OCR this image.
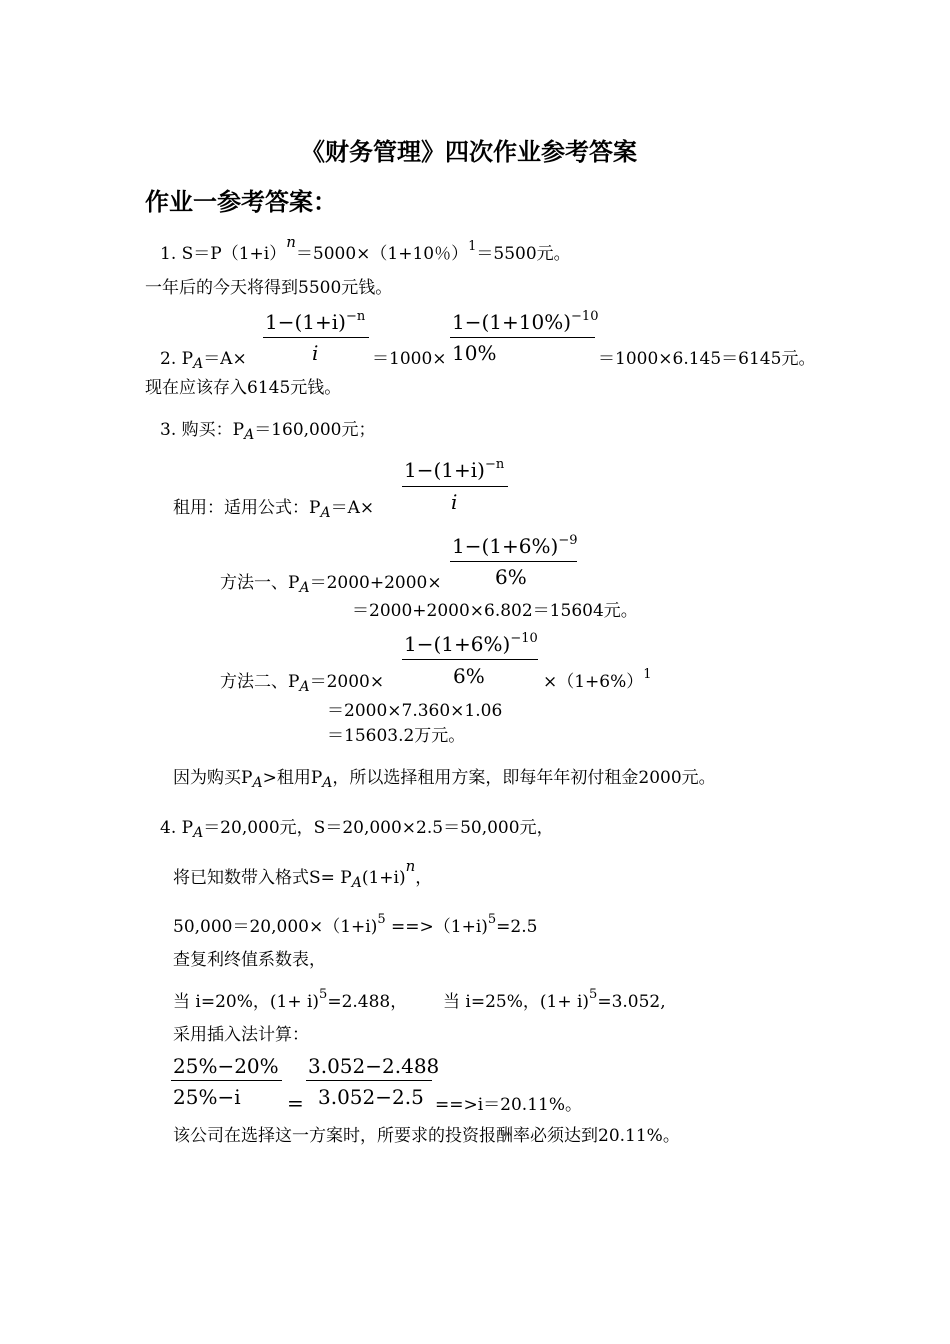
《财务管理》四次作业参考答案
作业一参考答案：
1. S＝P（1+i）n＝5000×（1+10％）$^1$＝5500元。
一年后的今天将得到5500元钱。
$1-(1+i)^{-n}$
i
$1-(1+10\%)^{-10}$
10%
2. $P_A=A\times$	＝1000×	＝1000×6.145＝6145元。
现在应该存入6145元钱。
3. 购买：$P_A=160,000$元；
$1-(1+i)^{-n}$
i
租用：适用公式：$P_A=A\times$
$1-(1+6\%)^{-9}$
6%
方法一、$P_A=2000+2000\times$
＝2000+2000×6.802＝15604元。
$1-(1+6\%)^{-10}$
6%
方法二、$P_A=2000\times$	$\times(1+6\%)^1$
＝2000×7.360×1.06
＝15603.2万元。
因为购买$P_A>$租用$P_A$，所以选择租用方案，即每年年初付租金2000元。
4. $P_A=20,000$元，S＝20,000×2.5＝50,000元，
将已知数带入格式$S= P_A(1+i)n$，
50,000＝20,000×（1+i)$^5$ ==>（1+i)$^5$=2.5
查复利终值系数表，
当 i=20%，$(1+ i)^5=2.488$， 当 i=25%，$(1+ i)^5=3.052$,
采用插入法计算：
25%−20%
25%−i =
3.052−2.488
3.052−2.5 ==>i＝20.11%。
该公司在选择这一方案时，所要求的投资报酬率必须达到20.11%。
